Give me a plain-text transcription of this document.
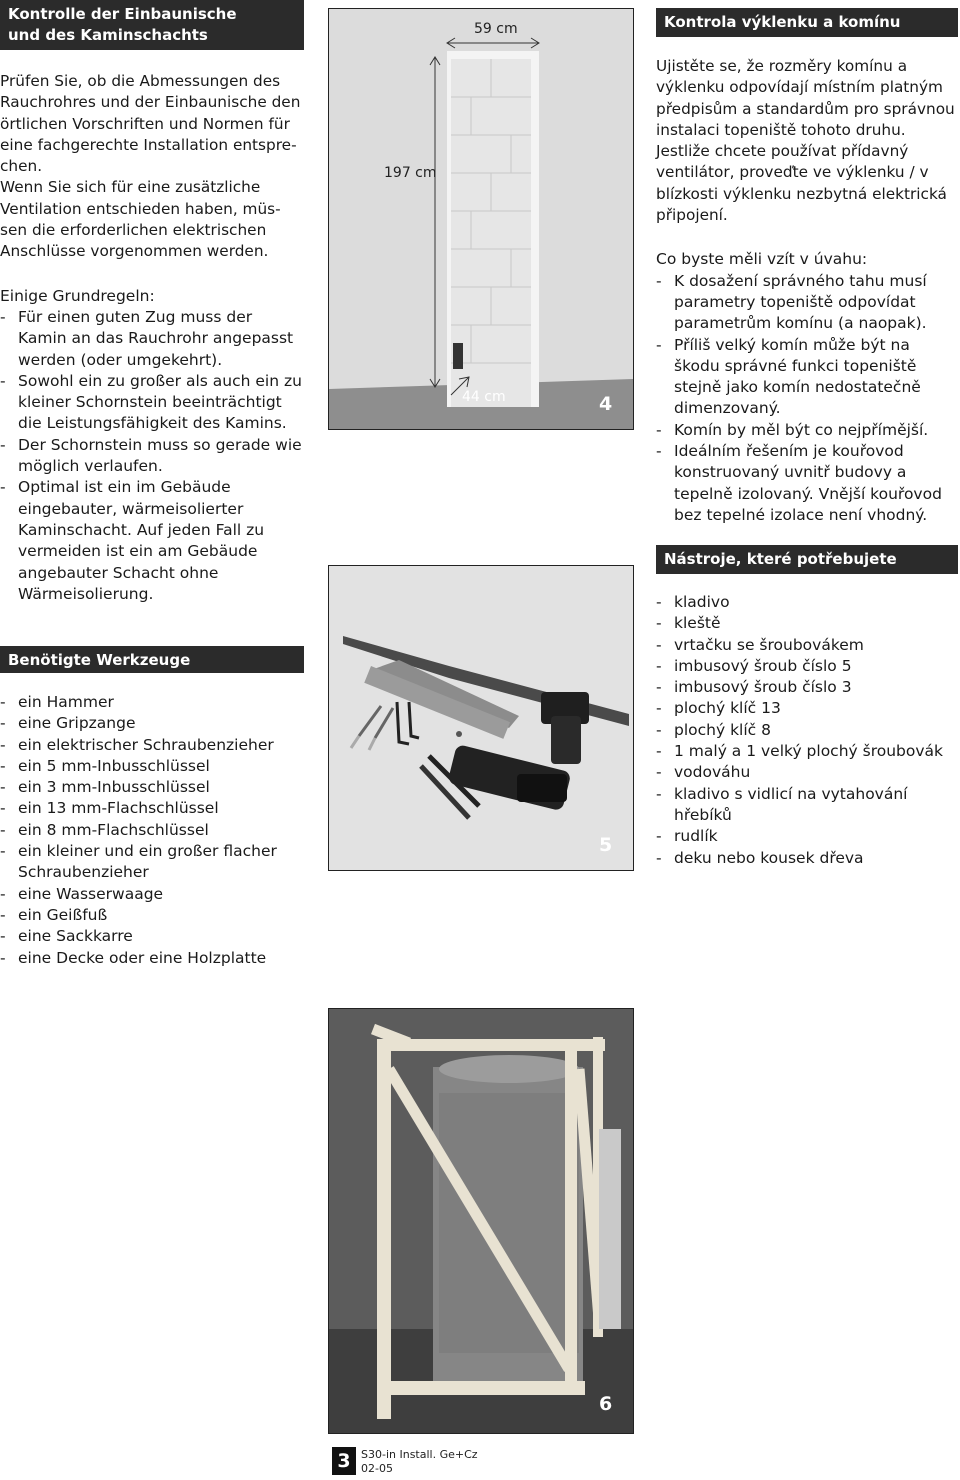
Kontrolle der Einbaunische
und des Kaminschachts

Prüfen Sie, ob die Abmessungen des Rauchrohres und der Einbaunische den örtlichen Vorschriften und Normen für eine fachgerechte Installation entspre-
chen.
Wenn Sie sich für eine zusätzliche Ventilation entschieden haben, müs-
sen die erforderlichen elektrischen Anschlüsse vorgenommen werden.

Einige Grundregeln:

- Für einen guten Zug muss der Kamin an das Rauchrohr angepasst werden (oder umgekehrt).
- Sowohl ein zu großer als auch ein zu kleiner Schornstein beeinträchtigt die Leistungsfähigkeit des Kamins.
- Der Schornstein muss so gerade wie möglich verlaufen.
- Optimal ist ein im Gebäude eingebauter, wärmeisolierter Kaminschacht. Auf jeden Fall zu vermeiden ist ein am Gebäude angebauter Schacht ohne Wärmeisolierung.
Benötigte Werkzeuge
- ein Hammer
- eine Gripzange
- ein elektrischer Schraubenzieher
- ein 5 mm-Inbusschlüssel
- ein 3 mm-Inbusschlüssel
- ein 13 mm-Flachschlüssel
- ein 8 mm-Flachschlüssel
- ein kleiner und ein großer flacher Schraubenzieher
- eine Wasserwaage
- ein Geißfuß
- eine Sackkarre
- eine Decke oder eine Holzplatte
59 cm
197 cm
44 cm	4
5
6
Kontrola výklenku a komínu

Ujistěte se, že rozměry komínu a výklenku odpovídají místním platným předpisům a standardům pro správnou instalaci topeniště tohoto druhu.
Jestliže chcete používat přídavný ventilátor, proveďte ve výklenku / v blízkosti výklenku nezbytná elektrická připojení.

Co byste měli vzít v úvahu:

- K dosažení správného tahu musí parametry topeniště odpovídat parametrům komínu (a naopak).
- Příliš velký komín může být na škodu správné funkci topeniště stejně jako komín nedostatečně dimenzovaný.
- Komín by měl být co nejpřímější.
- Ideálním řešením je kouřovod konstruovaný uvnitř budovy a tepelně izolovaný. Vnější kouřovod bez tepelné izolace není vhodný.
Nástroje, které potřebujete
- kladivo
- kleště
- vrtačku se šroubovákem
- imbusový šroub číslo 5
- imbusový šroub číslo 3
- plochý klíč 13
- plochý klíč 8
- 1 malý a 1 velký plochý šroubovák
- vodováhu
- kladivo s vidlicí na vytahování hřebíků
- rudlík
- deku nebo kousek dřeva
3 S30-in Install. Ge+Cz
02-05
